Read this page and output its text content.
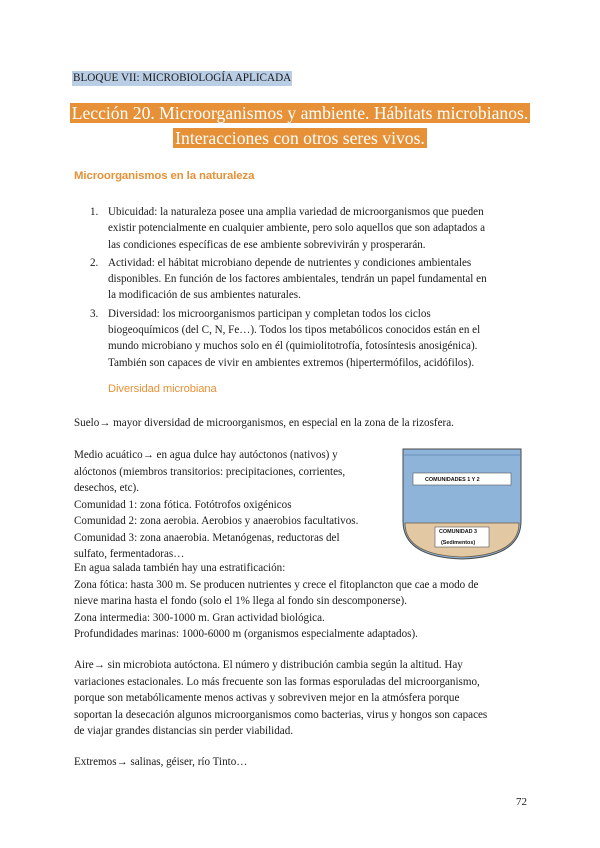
BLOQUE VII: MICROBIOLOGÍA APLICADA
Lección 20. Microorganismos y ambiente. Hábitats microbianos. Interacciones con otros seres vivos.
Microorganismos en la naturaleza
1. Ubicuidad: la naturaleza posee una amplia variedad de microorganismos que pueden
existir potencialmente en cualquier ambiente, pero solo aquellos que son adaptados a
las condiciones específicas de ese ambiente sobrevivirán y prosperarán.
2. Actividad: el hábitat microbiano depende de nutrientes y condiciones ambientales
disponibles. En función de los factores ambientales, tendrán un papel fundamental en
la modificación de sus ambientes naturales.
3. Diversidad: los microorganismos participan y completan todos los ciclos
biogeoquímicos (del C, N, Fe…). Todos los tipos metabólicos conocidos están en el
mundo microbiano y muchos solo en él (quimiolitotrofía, fotosíntesis anosigénica).
También son capaces de vivir en ambientes extremos (hipertermófilos, acidófilos).
Diversidad microbiana

Suelo→ mayor diversidad de microorganismos, en especial en la zona de la rizosfera.

Medio acuático→ en agua dulce hay autóctonos (nativos) y
alóctonos (miembros transitorios: precipitaciones, corrientes,
desechos, etc).
Comunidad 1: zona fótica. Fotótrofos oxigénicos
Comunidad 2: zona aerobia. Aerobios y anaerobios facultativos.
Comunidad 3: zona anaerobia. Metanógenas, reductoras del
sulfato, fermentadoras…

COMUNIDADES 1 Y 2
COMUNIDAD 3
(Sedimentos)

En agua salada también hay una estratificación:
Zona fótica: hasta 300 m. Se producen nutrientes y crece el fitoplancton que cae a modo de
nieve marina hasta el fondo (solo el 1% llega al fondo sin descomponerse).
Zona intermedia: 300-1000 m. Gran actividad biológica.
Profundidades marinas: 1000-6000 m (organismos especialmente adaptados).

Aire→ sin microbiota autóctona. El número y distribución cambia según la altitud. Hay
variaciones estacionales. Lo más frecuente son las formas esporuladas del microorganismo,
porque son metabólicamente menos activas y sobreviven mejor en la atmósfera porque
soportan la desecación algunos microorganismos como bacterias, virus y hongos son capaces
de viajar grandes distancias sin perder viabilidad.

Extremos→ salinas, géiser, río Tinto…

72
